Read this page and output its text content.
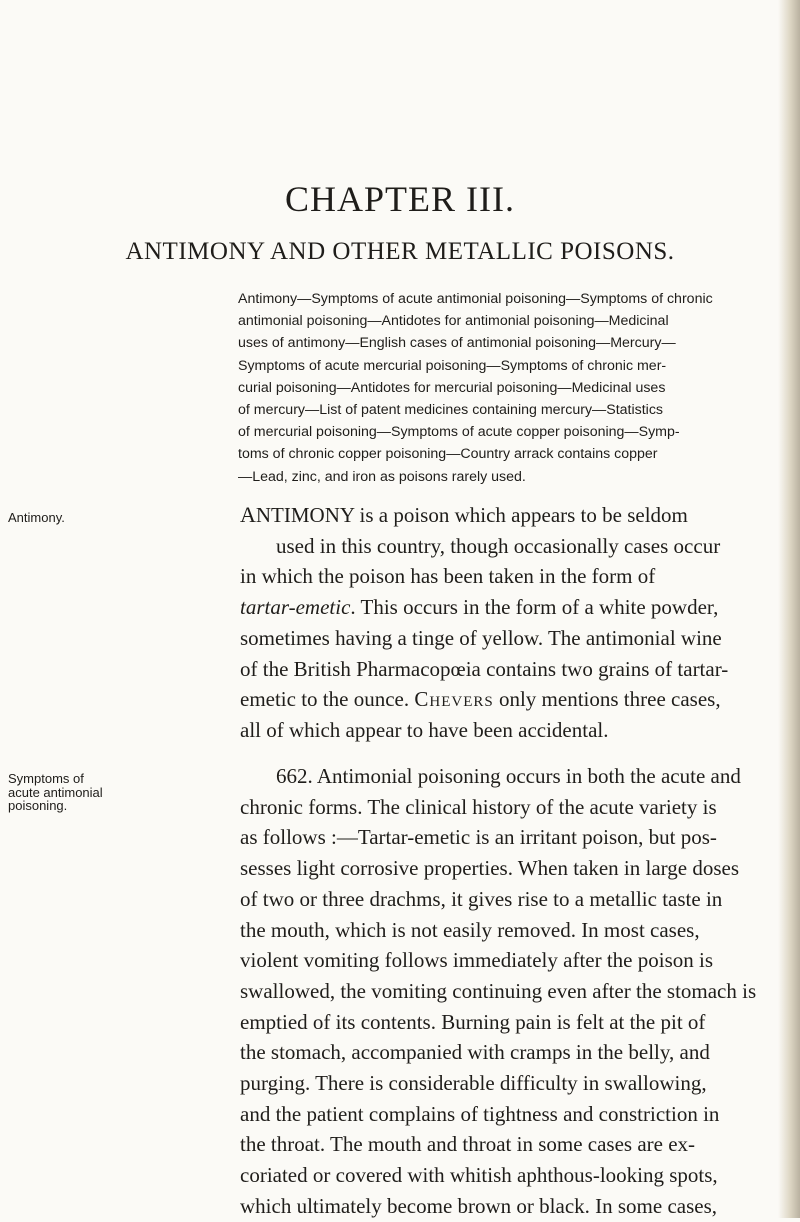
CHAPTER III.
ANTIMONY AND OTHER METALLIC POISONS.

Antimony—Symptoms of acute antimonial poisoning—Symptoms of chronic
antimonial poisoning—Antidotes for antimonial poisoning—Medicinal
uses of antimony—English cases of antimonial poisoning—Mercury—
Symptoms of acute mercurial poisoning—Symptoms of chronic mer-
curial poisoning—Antidotes for mercurial poisoning—Medicinal uses
of mercury—List of patent medicines containing mercury—Statistics
of mercurial poisoning—Symptoms of acute copper poisoning—Symp-
toms of chronic copper poisoning—Country arrack contains copper
—Lead, zinc, and iron as poisons rarely used.

Antimony.

Symptoms of
acute antimonial
poisoning.
ANTIMONY is a poison which appears to be seldom
used in this country, though occasionally cases occur
in which the poison has been taken in the form of
tartar-emetic. This occurs in the form of a white powder,
sometimes having a tinge of yellow. The antimonial wine
of the British Pharmacopœia contains two grains of tartar-
emetic to the ounce. Chevers only mentions three cases,
all of which appear to have been accidental.
662. Antimonial poisoning occurs in both the acute and
chronic forms. The clinical history of the acute variety is
as follows :—Tartar-emetic is an irritant poison, but pos-
sesses light corrosive properties. When taken in large doses
of two or three drachms, it gives rise to a metallic taste in
the mouth, which is not easily removed. In most cases,
violent vomiting follows immediately after the poison is
swallowed, the vomiting continuing even after the stomach is
emptied of its contents. Burning pain is felt at the pit of
the stomach, accompanied with cramps in the belly, and
purging. There is considerable difficulty in swallowing,
and the patient complains of tightness and constriction in
the throat. The mouth and throat in some cases are ex-
coriated or covered with whitish aphthous-looking spots,
which ultimately become brown or black. In some cases,
